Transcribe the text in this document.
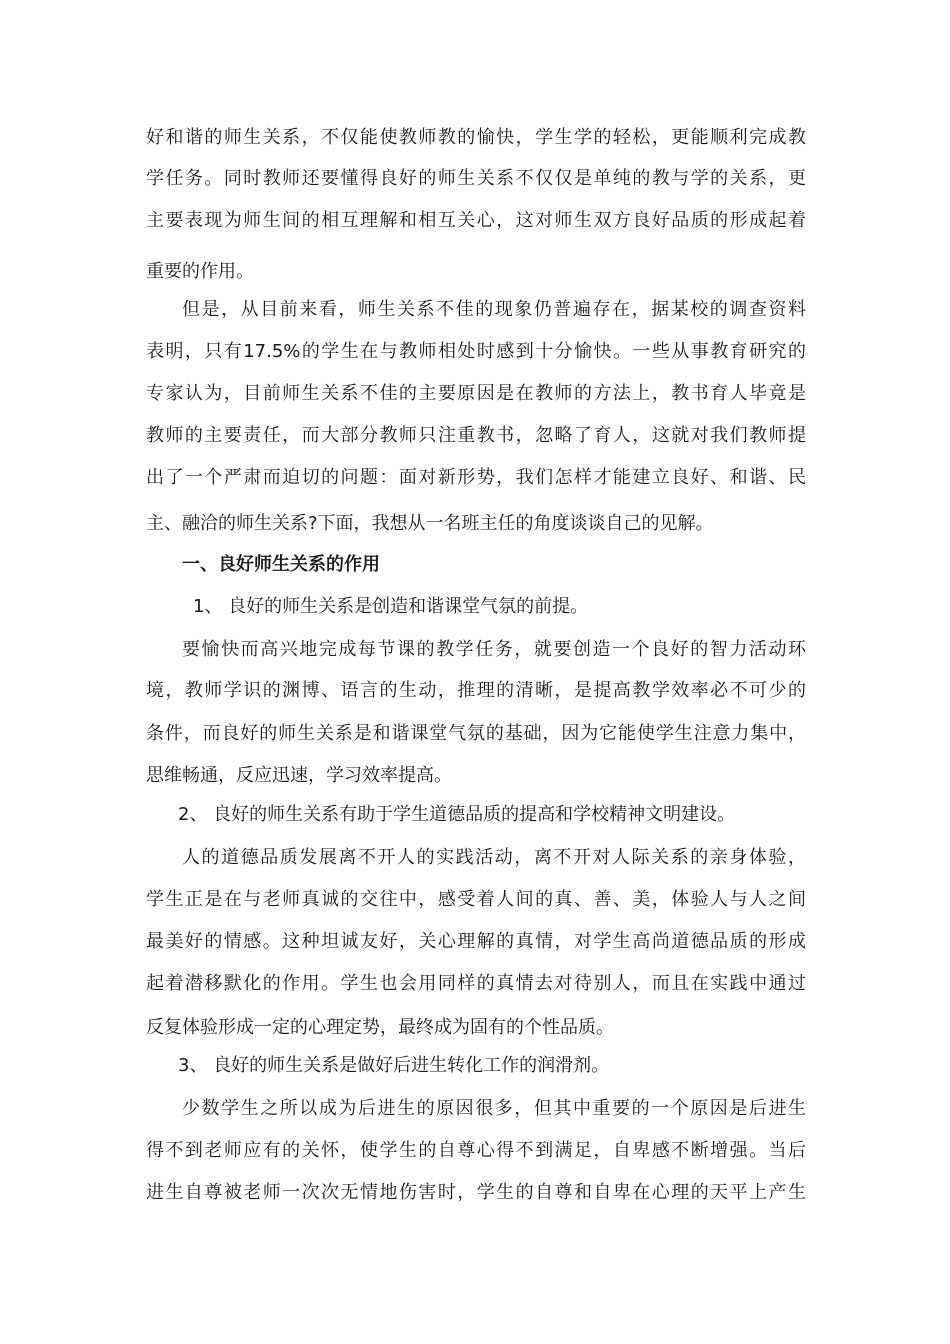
好和谐的师生关系，不仅能使教师教的愉快，学生学的轻松，更能顺利完成教
学任务。同时教师还要懂得良好的师生关系不仅仅是单纯的教与学的关系，更
主要表现为师生间的相互理解和相互关心，这对师生双方良好品质的形成起着
重要的作用。
但是，从目前来看，师生关系不佳的现象仍普遍存在，据某校的调查资料
表明，只有17.5%的学生在与教师相处时感到十分愉快。一些从事教育研究的
专家认为，目前师生关系不佳的主要原因是在教师的方法上，教书育人毕竟是
教师的主要责任，而大部分教师只注重教书，忽略了育人，这就对我们教师提
出了一个严肃而迫切的问题：面对新形势，我们怎样才能建立良好、和谐、民
主、融洽的师生关系?下面，我想从一名班主任的角度谈谈自己的见解。
一、良好师生关系的作用
1、 良好的师生关系是创造和谐课堂气氛的前提。
要愉快而高兴地完成每节课的教学任务，就要创造一个良好的智力活动环
境，教师学识的渊博、语言的生动，推理的清晰，是提高教学效率必不可少的
条件，而良好的师生关系是和谐课堂气氛的基础，因为它能使学生注意力集中，
思维畅通，反应迅速，学习效率提高。
2、 良好的师生关系有助于学生道德品质的提高和学校精神文明建设。
人的道德品质发展离不开人的实践活动，离不开对人际关系的亲身体验，
学生正是在与老师真诚的交往中，感受着人间的真、善、美，体验人与人之间
最美好的情感。这种坦诚友好，关心理解的真情，对学生高尚道德品质的形成
起着潜移默化的作用。学生也会用同样的真情去对待别人，而且在实践中通过
反复体验形成一定的心理定势，最终成为固有的个性品质。
3、 良好的师生关系是做好后进生转化工作的润滑剂。
少数学生之所以成为后进生的原因很多，但其中重要的一个原因是后进生
得不到老师应有的关怀，使学生的自尊心得不到满足，自卑感不断增强。当后
进生自尊被老师一次次无情地伤害时，学生的自尊和自卑在心理的天平上产生
